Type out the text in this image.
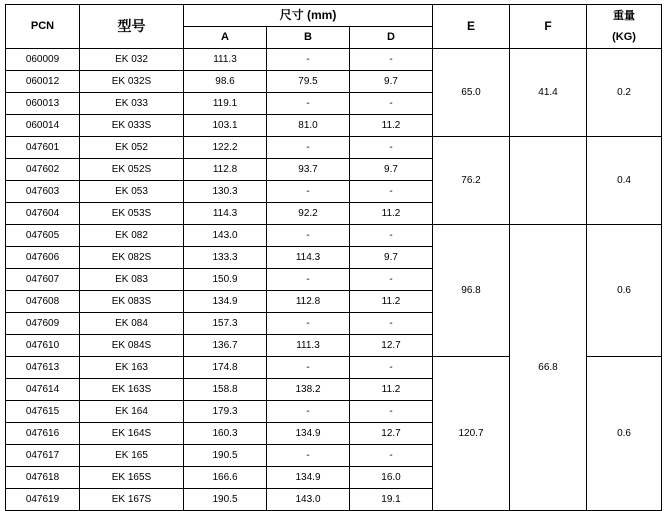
PCN	型号	尺寸 (mm)			E	F	重量
(KG)

		A	B	D			
060009	EK 032	111.3	-	-	65.0	41.4	0.2
060012	EK 032S	98.6	79.5	9.7			
060013	EK 033	119.1	-	-			
060014	EK 033S	103.1	81.0	11.2			
047601	EK 052	122.2	-	-	76.2		0.4
047602	EK 052S	112.8	93.7	9.7			
047603	EK 053	130.3	-	-			
047604	EK 053S	114.3	92.2	11.2			
047605	EK 082	143.0	-	-	96.8	66.8	0.6
047606	EK 082S	133.3	114.3	9.7			
047607	EK 083	150.9	-	-			
047608	EK 083S	134.9	112.8	11.2			
047609	EK 084	157.3	-	-			
047610	EK 084S	136.7	111.3	12.7			
047613	EK 163	174.8	-	-	120.7		0.6
047614	EK 163S	158.8	138.2	11.2			
047615	EK 164	179.3	-	-			
047616	EK 164S	160.3	134.9	12.7			
047617	EK 165	190.5	-	-			
047618	EK 165S	166.6	134.9	16.0			
047619	EK 167S	190.5	143.0	19.1			
